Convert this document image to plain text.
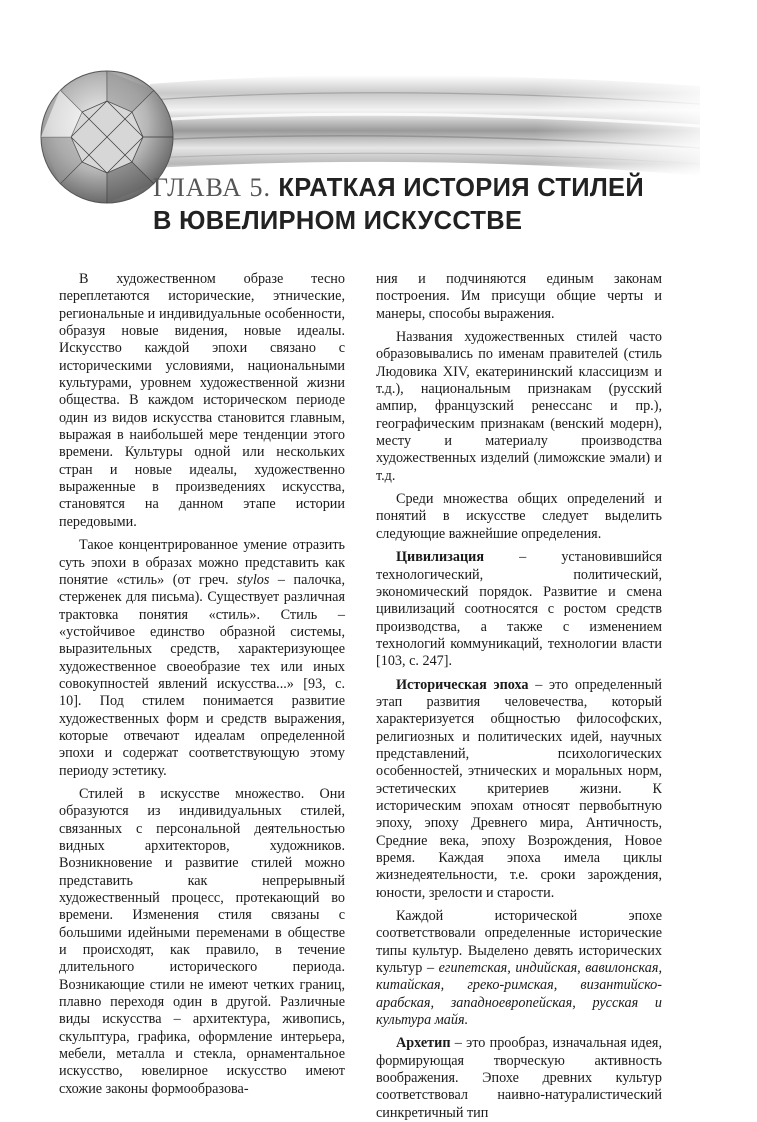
ГЛАВА 5. КРАТКАЯ ИСТОРИЯ СТИЛЕЙ
В ЮВЕЛИРНОМ ИСКУССТВЕ

В художественном образе тесно переплетаются исторические, этнические, региональные и индивидуальные особенности, образуя новые видения, новые идеалы. Искусство каждой эпохи связано с историческими условиями, национальными культурами, уровнем художественной жизни общества. В каждом историческом периоде один из видов искусства становится главным, выражая в наибольшей мере тенденции этого времени. Культуры одной или нескольких стран и новые идеалы, художественно выраженные в произведениях искусства, становятся на данном этапе истории передовыми.

Такое концентрированное умение отразить суть эпохи в образах можно представить как понятие «стиль» (от греч. stylos – палочка, стерженек для письма). Существует различная трактовка понятия «стиль». Стиль – «устойчивое единство образной системы, выразительных средств, характеризующее художественное своеобразие тех или иных совокупностей явлений искусства...» [93, с. 10]. Под стилем понимается развитие художественных форм и средств выражения, которые отвечают идеалам определенной эпохи и содержат соответствующую этому периоду эстетику.

Стилей в искусстве множество. Они образуются из индивидуальных стилей, связанных с персональной деятельностью видных архитекторов, художников. Возникновение и развитие стилей можно представить как непрерывный художественный процесс, протекающий во времени. Изменения стиля связаны с большими идейными переменами в обществе и происходят, как правило, в течение длительного исторического периода. Возникающие стили не имеют четких границ, плавно переходя один в другой. Различные виды искусства – архитектура, живопись, скульптура, графика, оформление интерьера, мебели, металла и стекла, орнаментальное искусство, ювелирное искусство имеют схожие законы формообразова-

ния и подчиняются единым законам построения. Им присущи общие черты и манеры, способы выражения.

Названия художественных стилей часто образовывались по именам правителей (стиль Людовика XIV, екатерининский классицизм и т.д.), национальным признакам (русский ампир, французский ренессанс и пр.), географическим признакам (венский модерн), месту и материалу производства художественных изделий (лиможские эмали) и т.д.

Среди множества общих определений и понятий в искусстве следует выделить следующие важнейшие определения.

Цивилизация – установившийся технологический, политический, экономический порядок. Развитие и смена цивилизаций соотносятся с ростом средств производства, а также с изменением технологий коммуникаций, технологии власти [103, с. 247].

Историческая эпоха – это определенный этап развития человечества, который характеризуется общностью философских, религиозных и политических идей, научных представлений, психологических особенностей, этнических и моральных норм, эстетических критериев жизни. К историческим эпохам относят первобытную эпоху, эпоху Древнего мира, Античность, Средние века, эпоху Возрождения, Новое время. Каждая эпоха имела циклы жизнедеятельности, т.е. сроки зарождения, юности, зрелости и старости.

Каждой исторической эпохе соответствовали определенные исторические типы культур. Выделено девять исторических культур – египетская, индийская, вавилонская, китайская, греко-римская, византийско-арабская, западноевропейская, русская и культура майя.

Архетип – это прообраз, изначальная идея, формирующая творческую активность воображения. Эпохе древних культур соответствовал наивно-натуралистический синкретичный тип
